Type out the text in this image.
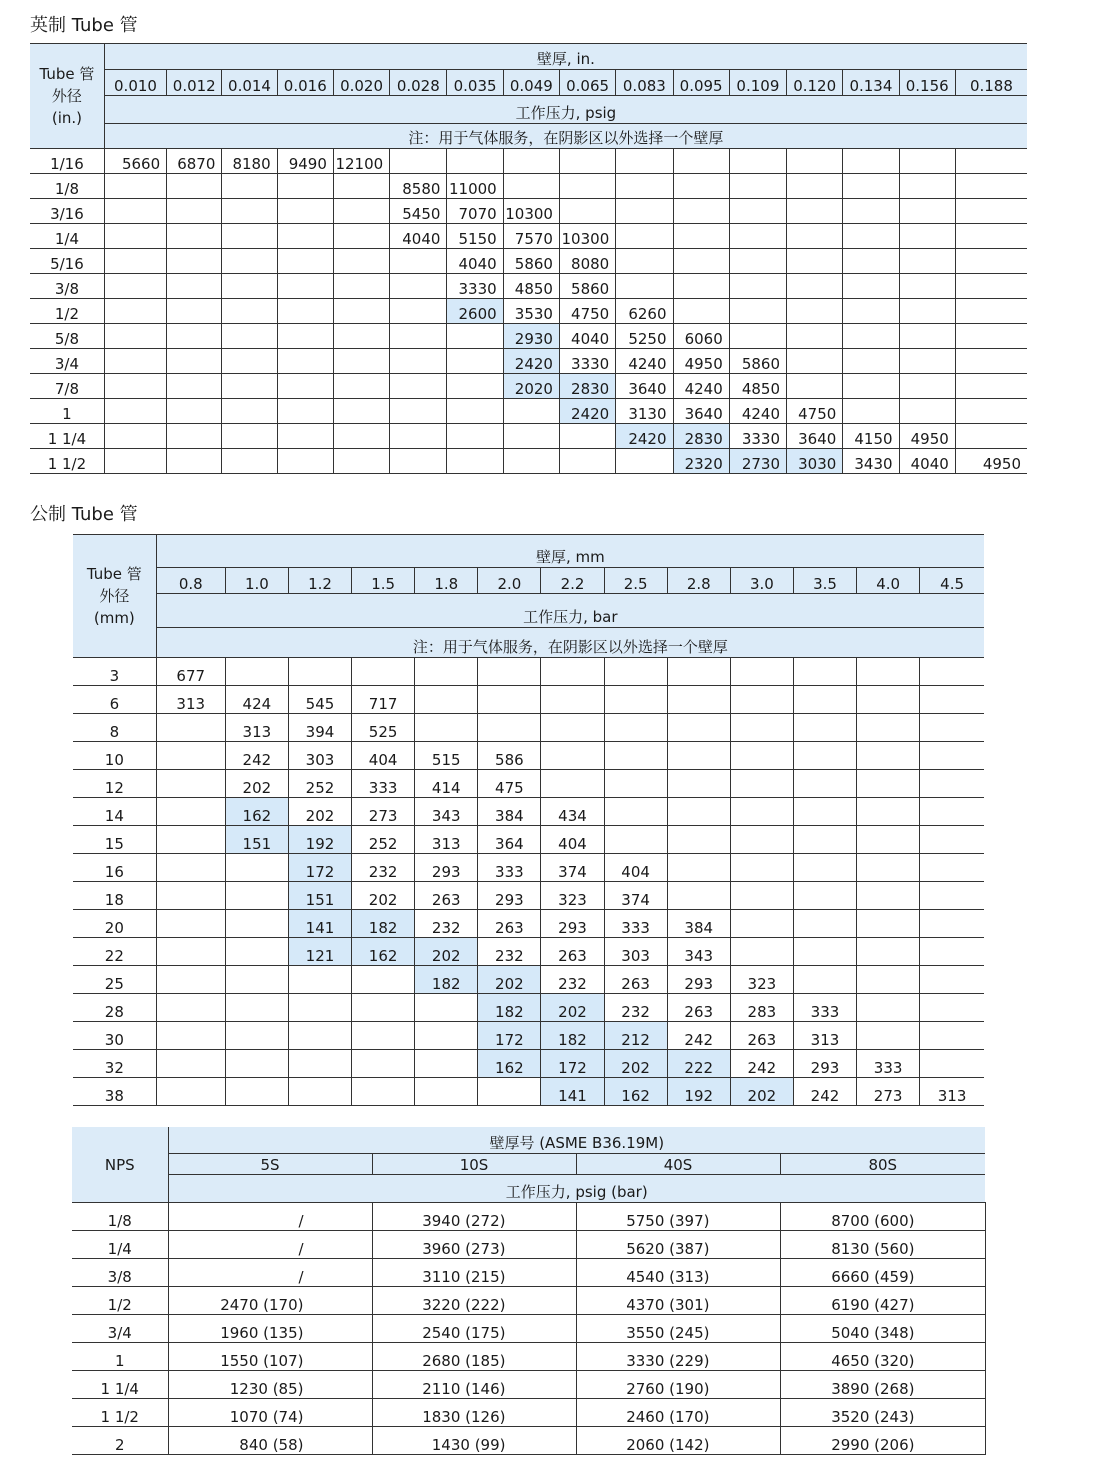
英制 Tube 管
Tube 管
外径
(in.)	壁厚, in.															
	0.010	0.012	0.014	0.016	0.020	0.028	0.035	0.049	0.065	0.083	0.095	0.109	0.120	0.134	0.156	0.188
	工作压力, psig															
	注：用于气体服务，在阴影区以外选择一个壁厚															
1/16	5660	6870	8180	9490	12100											
1/8						8580	11000									
3/16						5450	7070	10300								
1/4						4040	5150	7570	10300							
5/16							4040	5860	8080							
3/8							3330	4850	5860							
1/2							2600	3530	4750	6260						
5/8								2930	4040	5250	6060					
3/4								2420	3330	4240	4950	5860				
7/8								2020	2830	3640	4240	4850				
1									2420	3130	3640	4240	4750			
1 1/4										2420	2830	3330	3640	4150	4950	
1 1/2											2320	2730	3030	3430	4040	4950
公制 Tube 管
Tube 管
外径
(mm)	壁厚, mm												
	0.8	1.0	1.2	1.5	1.8	2.0	2.2	2.5	2.8	3.0	3.5	4.0	4.5
	工作压力, bar												
	注：用于气体服务，在阴影区以外选择一个壁厚												
3	677												
6	313	424	545	717									
8		313	394	525									
10		242	303	404	515	586							
12		202	252	333	414	475							
14		162	202	273	343	384	434						
15		151	192	252	313	364	404						
16			172	232	293	333	374	404					
18			151	202	263	293	323	374					
20			141	182	232	263	293	333	384				
22			121	162	202	232	263	303	343				
25					182	202	232	263	293	323			
28						182	202	232	263	283	333		
30						172	182	212	242	263	313		
32						162	172	202	222	242	293	333	
38							141	162	192	202	242	273	313
NPS	壁厚号 (ASME B36.19M)			
	5S	10S	40S	80S
	工作压力, psig (bar)			
1/8	/	3940 (272)	5750 (397)	8700 (600)
1/4	/	3960 (273)	5620 (387)	8130 (560)
3/8	/	3110 (215)	4540 (313)	6660 (459)
1/2	2470 (170)	3220 (222)	4370 (301)	6190 (427)
3/4	1960 (135)	2540 (175)	3550 (245)	5040 (348)
1	1550 (107)	2680 (185)	3330 (229)	4650 (320)
1 1/4	1230 (85)	2110 (146)	2760 (190)	3890 (268)
1 1/2	1070 (74)	1830 (126)	2460 (170)	3520 (243)
2	840 (58)	1430 (99)	2060 (142)	2990 (206)
